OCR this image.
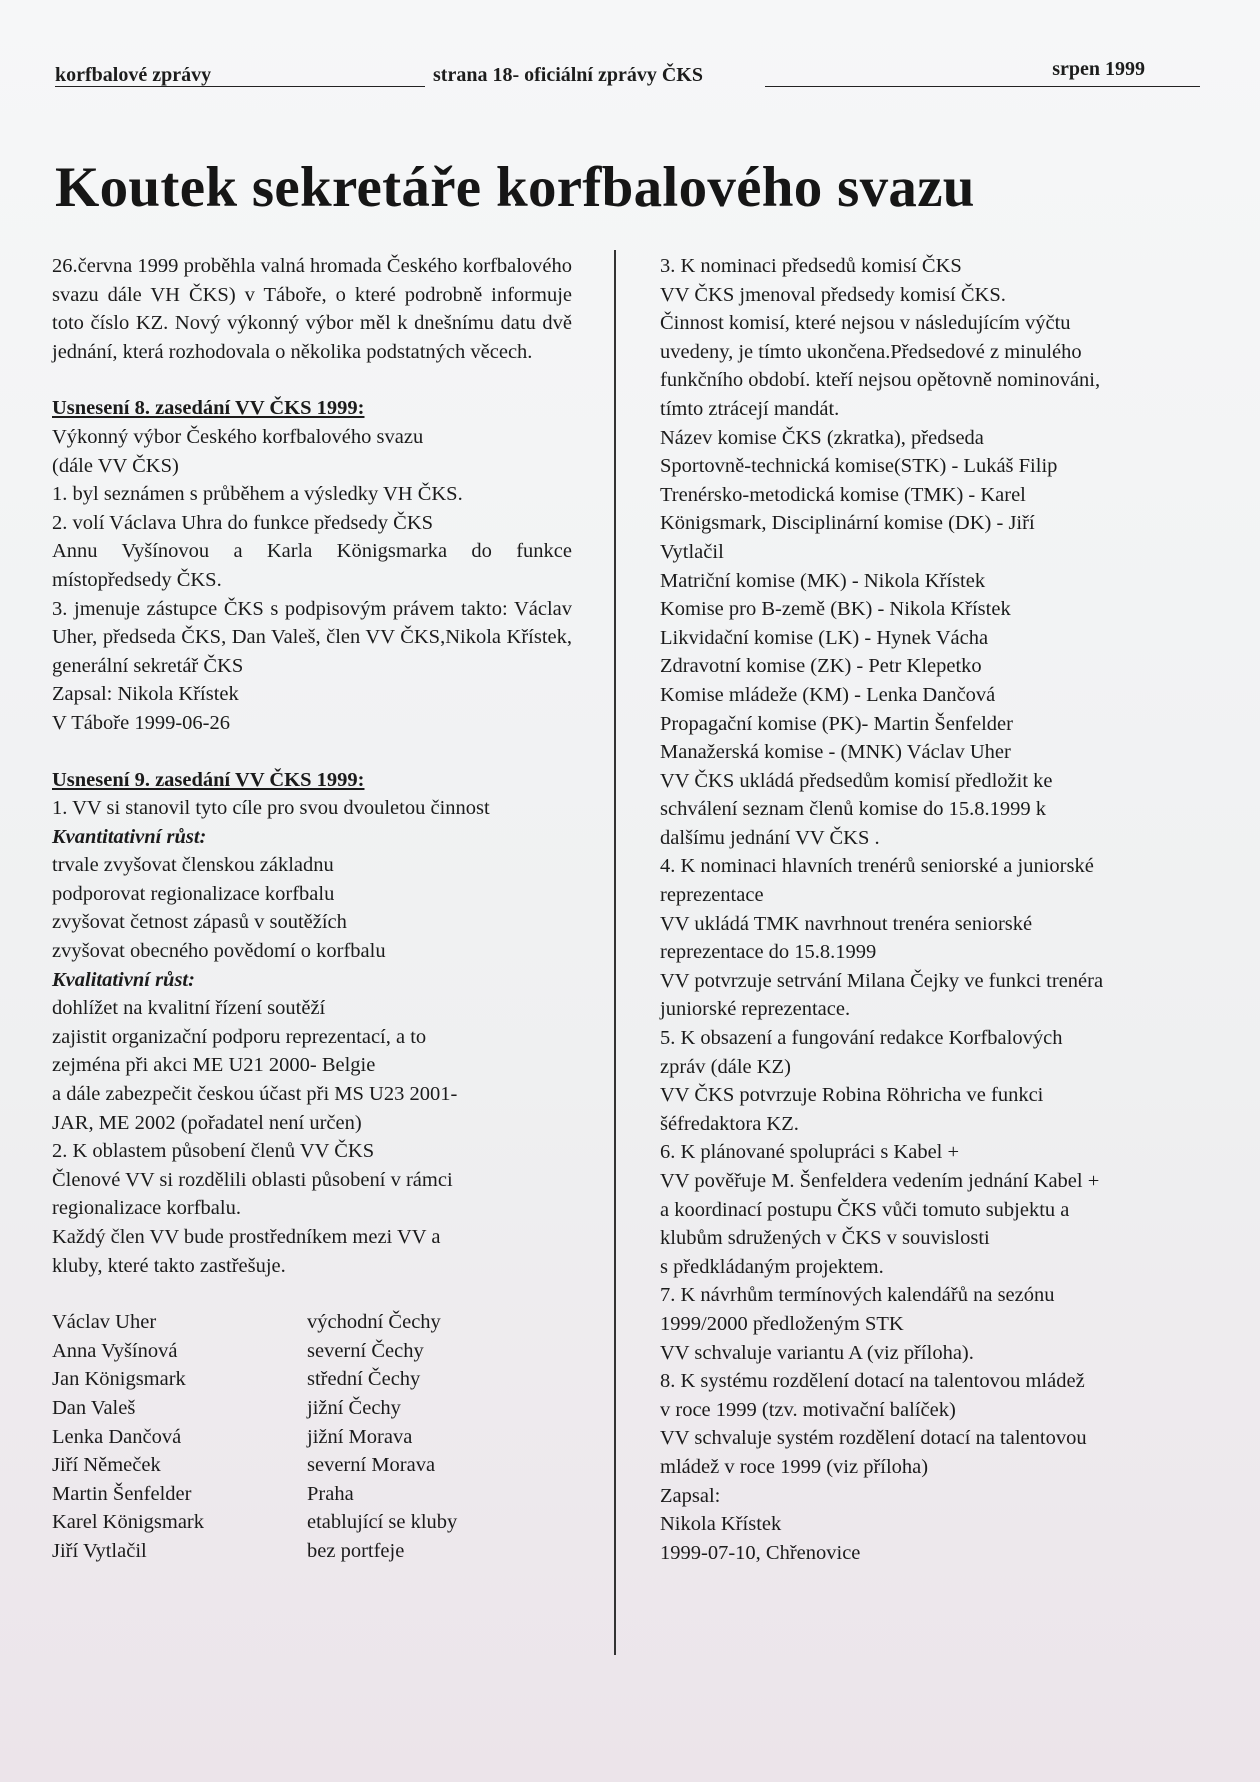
korfbalové zprávy	strana 18- oficiální zprávy ČKS	srpen 1999
Koutek sekretáře korfbalového svazu

26.června 1999 proběhla valná hromada Českého korfbalového svazu dále VH ČKS) v Táboře, o které podrobně informuje toto číslo KZ. Nový výkonný výbor měl k dnešnímu datu dvě jednání, která rozhodovala o několika podstatných věcech.

Usnesení 8. zasedání VV ČKS 1999:

Výkonný výbor Českého korfbalového svazu

(dále VV ČKS)

1. byl seznámen s průběhem a výsledky VH ČKS.

2. volí Václava Uhra do funkce předsedy ČKS

Annu Vyšínovou a Karla Königsmarka do funkce místopředsedy ČKS.

3. jmenuje zástupce ČKS s podpisovým právem takto: Václav Uher, předseda ČKS, Dan Valeš, člen VV ČKS,Nikola Křístek, generální sekretář ČKS

Zapsal: Nikola Křístek

V Táboře 1999-06-26

Usnesení 9. zasedání VV ČKS 1999:

1. VV si stanovil tyto cíle pro svou dvouletou činnost

Kvantitativní růst:

trvale zvyšovat členskou základnu

podporovat regionalizace korfbalu

zvyšovat četnost zápasů v soutěžích

zvyšovat obecného povědomí o korfbalu

Kvalitativní růst:

dohlížet na kvalitní řízení soutěží

zajistit organizační podporu reprezentací, a to

zejména při akci ME U21 2000- Belgie

a dále zabezpečit českou účast při MS U23 2001-

JAR, ME 2002 (pořadatel není určen)

2. K oblastem působení členů VV ČKS

Členové VV si rozdělili oblasti působení v rámci

regionalizace korfbalu.

Každý člen VV bude prostředníkem mezi VV a

kluby, které takto zastřešuje.

Václav Uher	východní Čechy
Anna Vyšínová	severní Čechy
Jan Königsmark	střední Čechy
Dan Valeš	jižní Čechy
Lenka Dančová	jižní Morava
Jiří Němeček	severní Morava
Martin Šenfelder	Praha
Karel Königsmark	etablující se kluby
Jiří Vytlačil	bez portfeje

3. K nominaci předsedů komisí ČKS

VV ČKS jmenoval předsedy komisí ČKS.

Činnost komisí, které nejsou v následujícím výčtu

uvedeny, je tímto ukončena.Předsedové z minulého

funkčního období. kteří nejsou opětovně nominováni,

tímto ztrácejí mandát.

Název komise ČKS (zkratka), předseda

Sportovně-technická komise(STK) - Lukáš Filip

Trenérsko-metodická komise (TMK) - Karel

Königsmark, Disciplinární komise (DK) - Jiří

Vytlačil

Matriční komise (MK) - Nikola Křístek

Komise pro B-země (BK) - Nikola Křístek

Likvidační komise (LK) - Hynek Vácha

Zdravotní komise (ZK) - Petr Klepetko

Komise mládeže (KM) - Lenka Dančová

Propagační komise (PK)- Martin Šenfelder

Manažerská komise - (MNK) Václav Uher

VV ČKS ukládá předsedům komisí předložit ke

schválení seznam členů komise do 15.8.1999 k

dalšímu jednání VV ČKS .

4. K nominaci hlavních trenérů seniorské a juniorské

reprezentace

VV ukládá TMK navrhnout trenéra seniorské

reprezentace do 15.8.1999

VV potvrzuje setrvání Milana Čejky ve funkci trenéra

juniorské reprezentace.

5. K obsazení a fungování redakce Korfbalových

zpráv (dále KZ)

VV ČKS potvrzuje Robina Röhricha ve funkci

šéfredaktora KZ.

6. K plánované spolupráci s Kabel +

VV pověřuje M. Šenfeldera vedením jednání Kabel +

a koordinací postupu ČKS vůči tomuto subjektu a

klubům sdružených v ČKS v souvislosti

s předkládaným projektem.

7. K návrhům termínových kalendářů na sezónu

1999/2000 předloženým STK

VV schvaluje variantu A (viz příloha).

8. K systému rozdělení dotací na talentovou mládež

v roce 1999 (tzv. motivační balíček)

VV schvaluje systém rozdělení dotací na talentovou

mládež v roce 1999 (viz příloha)

Zapsal:

Nikola Křístek

1999-07-10, Chřenovice
